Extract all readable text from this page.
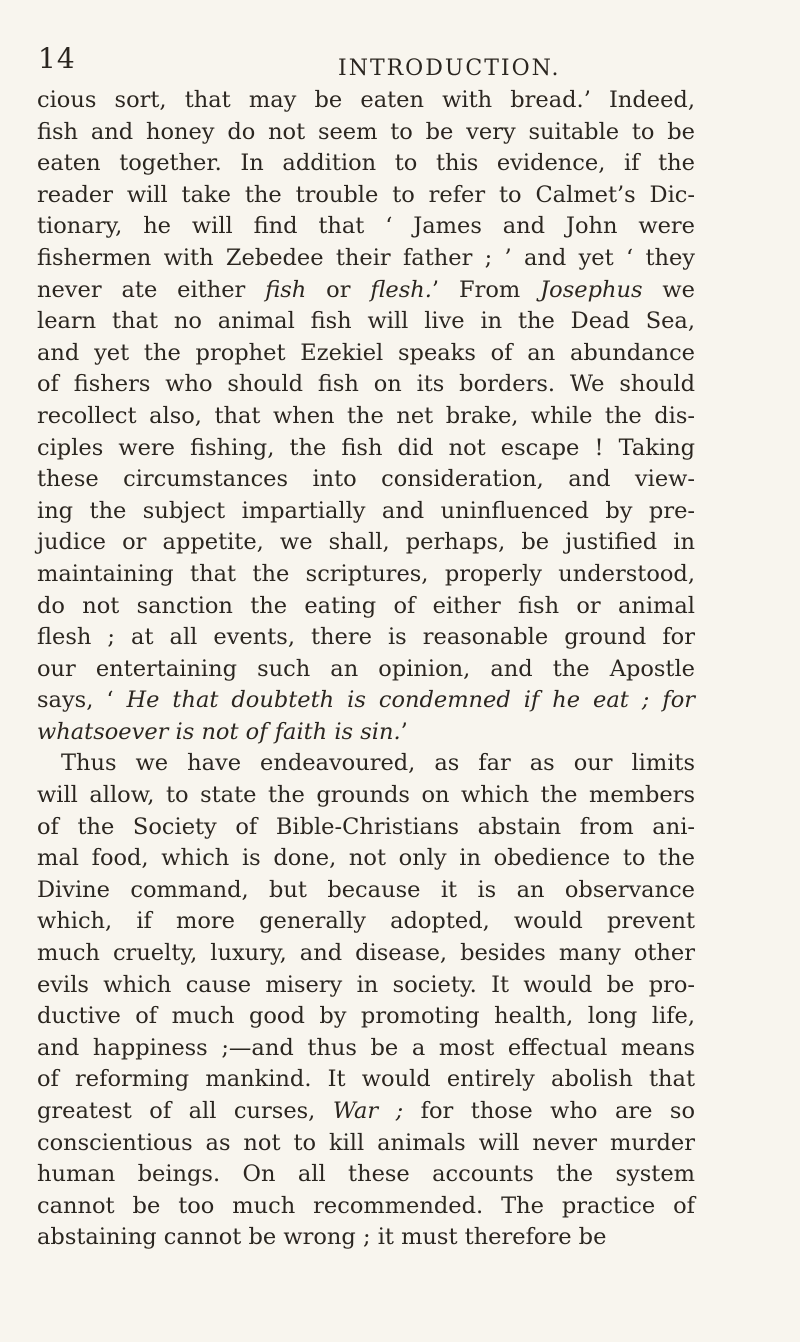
14	INTRODUCTION.
cious sort, that may be eaten with bread.’ Indeed,
fish and honey do not seem to be very suitable to be
eaten together. In addition to this evidence, if the
reader will take the trouble to refer to Calmet’s Dic-
tionary, he will find that ‘ James and John were
fishermen with Zebedee their father ; ’ and yet ‘ they
never ate either fish or flesh.’ From Josephus we
learn that no animal fish will live in the Dead Sea,
and yet the prophet Ezekiel speaks of an abundance
of fishers who should fish on its borders. We should
recollect also, that when the net brake, while the dis-
ciples were fishing, the fish did not escape ! Taking
these circumstances into consideration, and view-
ing the subject impartially and uninfluenced by pre-
judice or appetite, we shall, perhaps, be justified in
maintaining that the scriptures, properly understood,
do not sanction the eating of either fish or animal
flesh ; at all events, there is reasonable ground for
our entertaining such an opinion, and the Apostle
says, ‘ He that doubteth is condemned if he eat ; for
whatsoever is not of faith is sin.’
Thus we have endeavoured, as far as our limits
will allow, to state the grounds on which the members
of the Society of Bible-Christians abstain from ani-
mal food, which is done, not only in obedience to the
Divine command, but because it is an observance
which, if more generally adopted, would prevent
much cruelty, luxury, and disease, besides many other
evils which cause misery in society. It would be pro-
ductive of much good by promoting health, long life,
and happiness ;—and thus be a most effectual means
of reforming mankind. It would entirely abolish that
greatest of all curses, War ; for those who are so
conscientious as not to kill animals will never murder
human beings. On all these accounts the system
cannot be too much recommended. The practice of
abstaining cannot be wrong ; it must therefore be
